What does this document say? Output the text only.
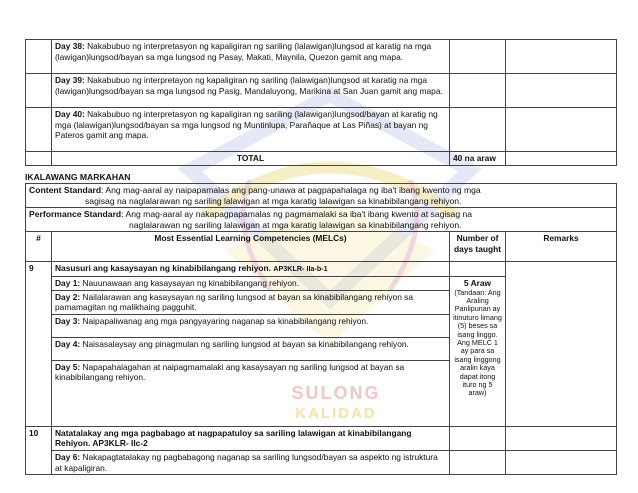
SULONG
KALIDAD
	Day 38: Nakabubuo ng interpretasyon ng kapaligiran ng sariling (lalawigan)lungsod at karatig na mga (lawigan)lungsod/bayan sa mga lungsod ng Pasay, Makati, Maynila, Quezon gamit ang mapa.		
	Day 39: Nakabubuo ng interpretayon ng kapaligiran ng sariling (lalawigan)lungsod at karatig na mga (lawigan)lungsod/bayan sa mga lungsod ng Pasig, Mandaluyong, Marikina at San Juan gamit ang mapa.		
	Day 40: Nakabubuo ng interpretasyon ng kapaligiran ng sariling (lalawigan)lungsod/bayan at karatig ng mga (lalawigan)lungsod/bayan sa mga lungsod ng Muntinlupa, Parañaque at Las Piñas) at bayan ng Pateros gamit ang mapa.		
	TOTAL	40 na araw	
IKALAWANG MARKAHAN
Content Standard: Ang mag-aaral ay naipapamalas ang pang-unawa at pagpapahalaga ng iba't ibang kwento ng mga
sagisag na naglalarawan ng sariling lalawigan at mga karatig lalawigan sa kinabibilangang rehiyon.			

Performance Standard: Ang mag-aaral ay nakapagpapamalas ng pagmamalaki sa iba't ibang kwento at sagisag na
naglalarawan ng sariling lalawigan at mga karatig lalawigan sa kinabibilangang rehiyon.			

#	Most Essential Learning Competencies (MELCs)	Number of days taught	Remarks
9	Nasusuri ang kasaysayan ng kinabibilangang rehiyon. AP3KLR- IIa-b-1		
	Day 1: Nauunawaan ang kasaysayan ng kinabibilangang rehiyon.	5 Araw
(Tandaan: Ang Araling Panlipunan ay itinuturo limang (5) beses sa isang linggo. Ang MELC 1 ay para sa isang linggong aralin kaya dapat itong ituro ng 5 araw)	

	Day 2: Nailalarawan ang kasaysayan ng sariling lungsod at bayan sa kinabibilangang rehiyon sa pamamagitan ng malikhaing pagguhit.		
	Day 3: Naipapaliwanag ang mga pangyayaring naganap sa kinabibilangang rehiyon.		
	Day 4: Naisasalaysay ang pinagmulan ng sariling lungsod at bayan sa kinabibilangang rehiyon.		
	Day 5: Napapahalagahan at naipagmamalaki ang kasaysayan ng sariling lungsod at bayan sa kinabibilangang rehiyon.		
10	Natatalakay ang mga pagbabago at nagpapatuloy sa sariling lalawigan at kinabibilangang Rehiyon. AP3KLR- IIc-2		
	Day 6: Nakapagtatalakay ng pagbabagong naganap sa sariling lungsod/bayan sa aspekto ng istruktura at kapaligiran.		
